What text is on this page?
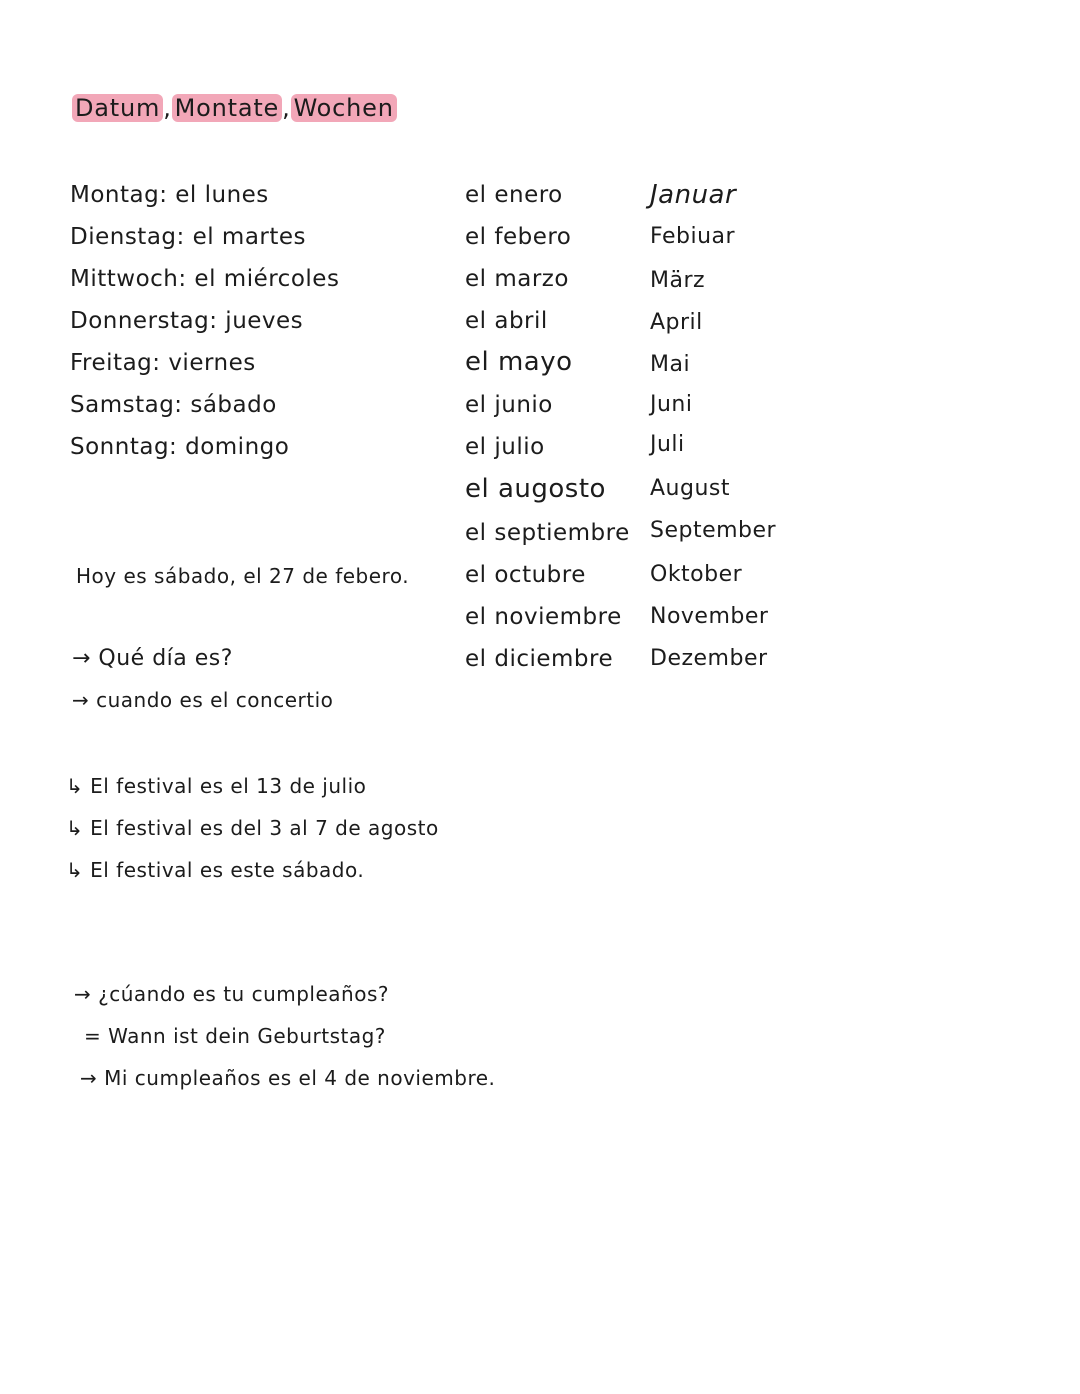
Datum , Montate , Wochen
Montag: el lunes
Dienstag: el martes
Mittwoch: el miércoles
Donnerstag: jueves
Freitag: viernes
Samstag: sábado
Sonntag: domingo
el enero
el febero
el marzo
el abril
el mayo
el junio
el julio
el augosto
el septiembre
el octubre
el noviembre
el diciembre
Januar
Febiuar
März
April
Mai
Juni
Juli
August
September
Oktober
November
Dezember
Hoy es sábado, el 27 de febero.
→ Qué día es?
→ cuando es el concertio
↳ El festival es el 13 de julio
↳ El festival es del 3 al 7 de agosto
↳ El festival es este sábado.
→ ¿cúando es tu cumpleaños?
= Wann ist dein Geburtstag?
→ Mi cumpleaños es el 4 de noviembre.
